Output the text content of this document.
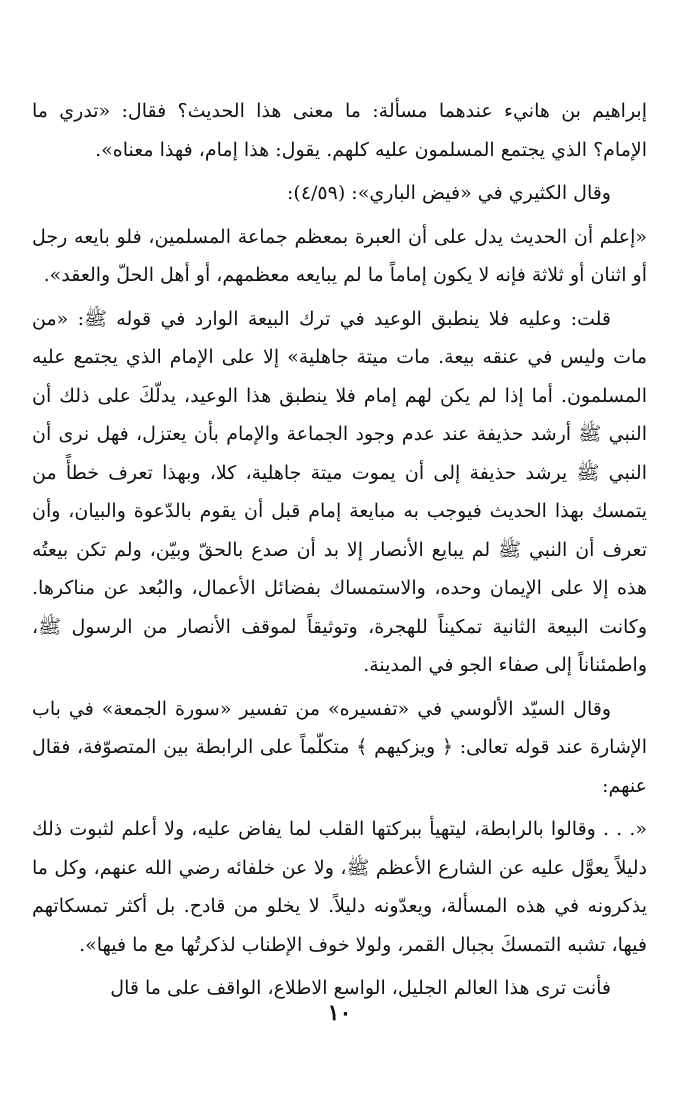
إبراهيم بن هانيء عندهما مسألة: ما معنى هذا الحديث؟ فقال: «تدري ما الإمام؟ الذي يجتمع المسلمون عليه كلهم. يقول: هذا إمام، فهذا معناه».

وقال الكثيري في «فيض الباري»: (٤/٥٩):

«إعلم أن الحديث يدل على أن العبرة بمعظم جماعة المسلمين، فلو بايعه رجل أو اثنان أو ثلاثة فإنه لا يكون إماماً ما لم يبايعه معظمهم، أو أهل الحلّ والعقد».

قلت: وعليه فلا ينطبق الوعيد في ترك البيعة الوارد في قوله ﷺ: «من مات وليس في عنقه بيعة. مات ميتة جاهلية» إلا على الإمام الذي يجتمع عليه المسلمون. أما إذا لم يكن لهم إمام فلا ينطبق هذا الوعيد، يدلّكَ على ذلك أن النبي ﷺ أرشد حذيفة عند عدم وجود الجماعة والإمام بأن يعتزل، فهل نرى أن النبي ﷺ يرشد حذيفة إلى أن يموت ميتة جاهلية، كلا، وبهذا تعرف خطأً من يتمسك بهذا الحديث فيوجب به مبايعة إمام قبل أن يقوم بالدّعوة والبيان، وأن تعرف أن النبي ﷺ لم يبايع الأنصار إلا بد أن صدع بالحقّ وبيّن، ولم تكن بيعتُه هذه إلا على الإيمان وحده، والاستمساك بفضائل الأعمال، والبُعد عن مناكرها. وكانت البيعة الثانية تمكيناً للهجرة، وتوثيقاً لموقف الأنصار من الرسول ﷺ، واطمئناناً إلى صفاء الجو في المدينة.

وقال السيّد الألوسي في «تفسيره» من تفسير «سورة الجمعة» في باب الإشارة عند قوله تعالى: ﴿ ويزكيهم ﴾ متكلّماً على الرابطة بين المتصوّفة، فقال عنهم:

«. . . وقالوا بالرابطة، ليتهيأ ببركتها القلب لما يفاض عليه، ولا أعلم لثبوت ذلك دليلاً يعوَّل عليه عن الشارع الأعظم ﷺ، ولا عن خلفائه رضي الله عنهم، وكل ما يذكرونه في هذه المسألة، ويعدّونه دليلاً. لا يخلو من قادح. بل أكثر تمسكاتهم فيها، تشبه التمسكَ بجبال القمر، ولولا خوف الإطناب لذكرتُها مع ما فيها».

فأنت ترى هذا العالم الجليل، الواسع الاطلاع، الواقف على ما قال

١٠
